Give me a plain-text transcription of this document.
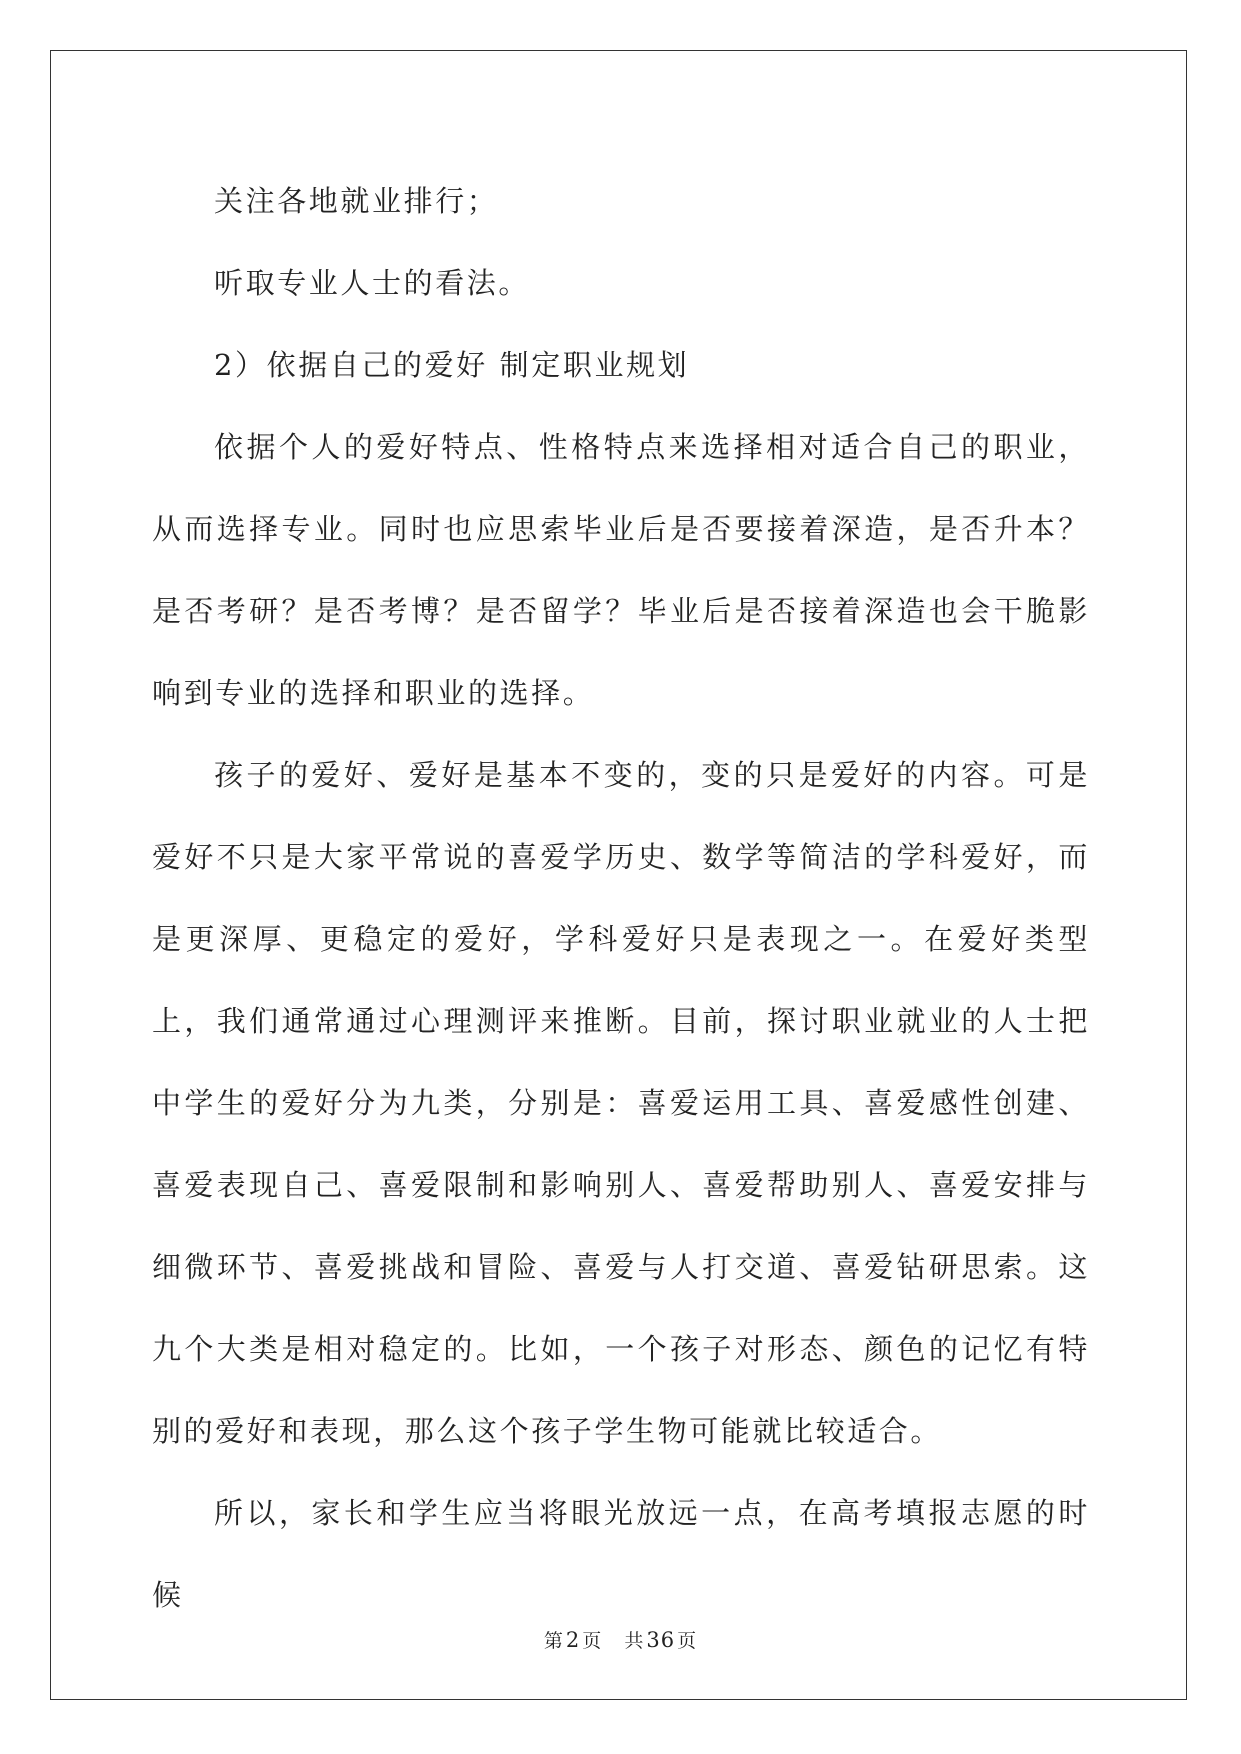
关注各地就业排行；

听取专业人士的看法。

2）依据自己的爱好 制定职业规划

依据个人的爱好特点、性格特点来选择相对适合自己的职业，从而选择专业。同时也应思索毕业后是否要接着深造，是否升本？是否考研？是否考博？是否留学？毕业后是否接着深造也会干脆影响到专业的选择和职业的选择。

孩子的爱好、爱好是基本不变的，变的只是爱好的内容。可是爱好不只是大家平常说的喜爱学历史、数学等简洁的学科爱好，而是更深厚、更稳定的爱好，学科爱好只是表现之一。在爱好类型上，我们通常通过心理测评来推断。目前，探讨职业就业的人士把中学生的爱好分为九类，分别是：喜爱运用工具、喜爱感性创建、喜爱表现自己、喜爱限制和影响别人、喜爱帮助别人、喜爱安排与细微环节、喜爱挑战和冒险、喜爱与人打交道、喜爱钻研思索。这九个大类是相对稳定的。比如，一个孩子对形态、颜色的记忆有特别的爱好和表现，那么这个孩子学生物可能就比较适合。

所以，家长和学生应当将眼光放远一点，在高考填报志愿的时候

第2 页 共36 页
